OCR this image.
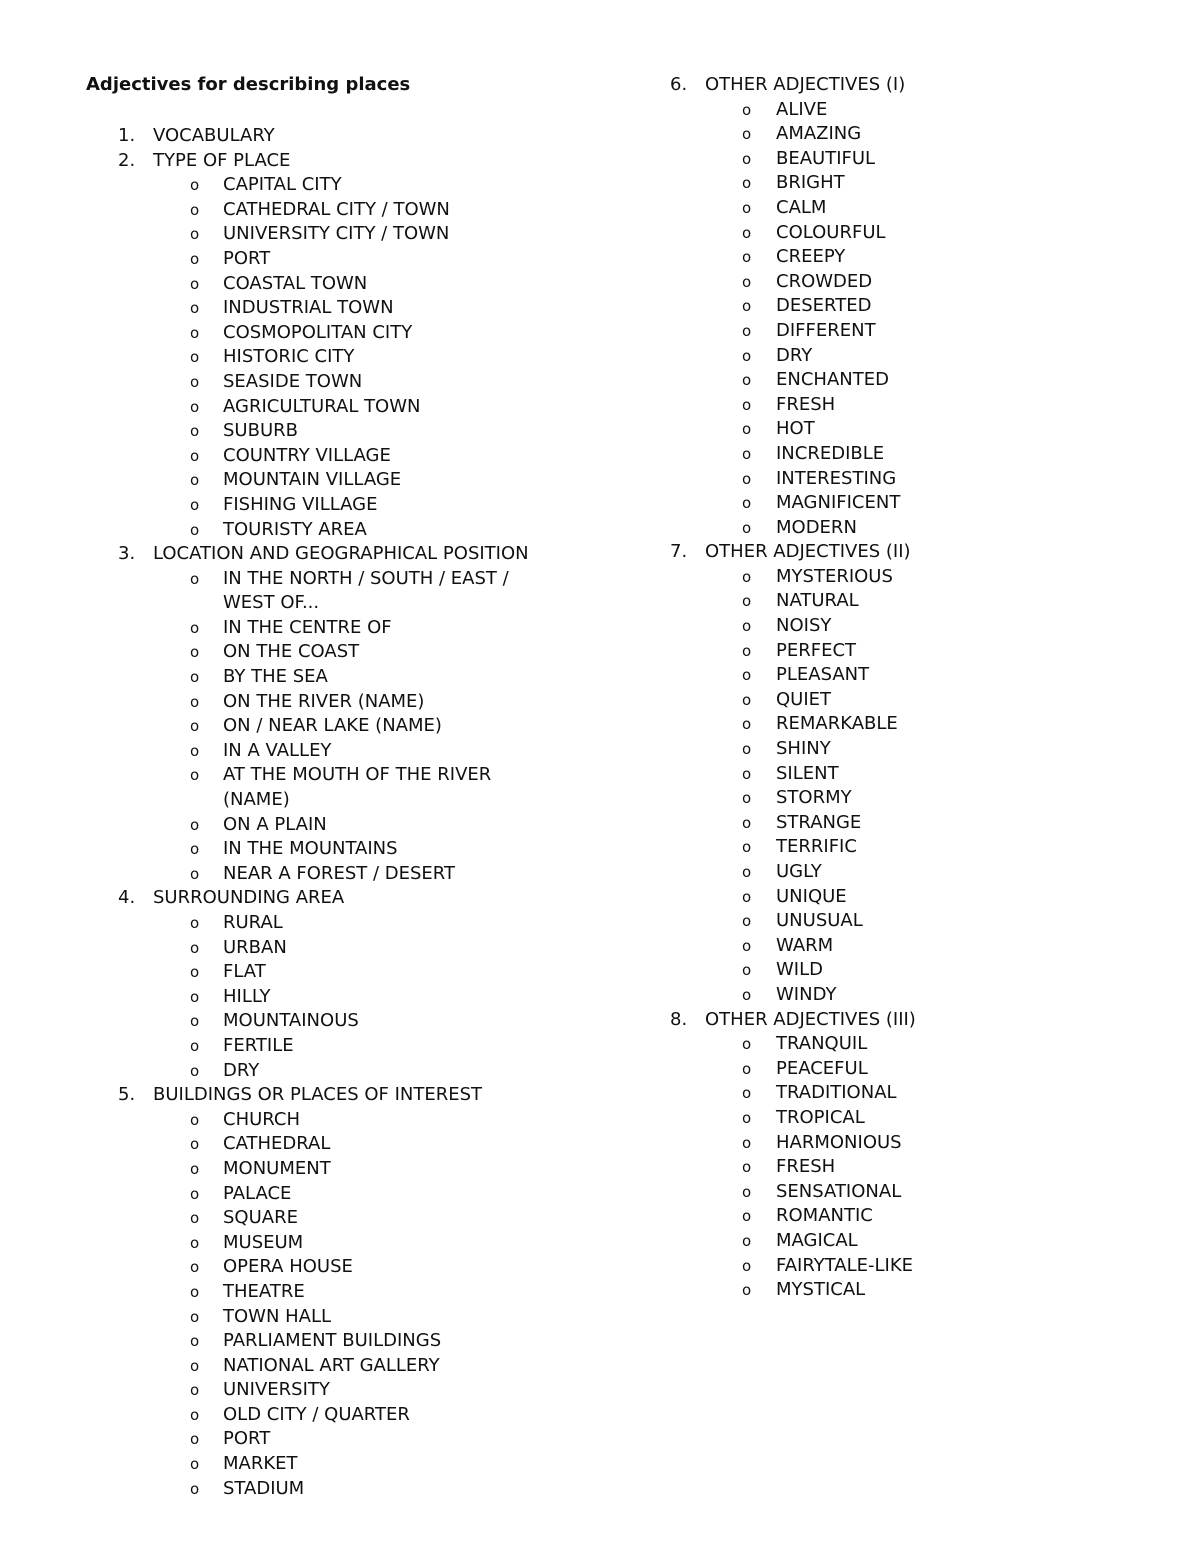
Adjectives for describing places
1. VOCABULARY
2. TYPE OF PLACE
o CAPITAL CITY
o CATHEDRAL CITY / TOWN
o UNIVERSITY CITY / TOWN
o PORT
o COASTAL TOWN
o INDUSTRIAL TOWN
o COSMOPOLITAN CITY
o HISTORIC CITY
o SEASIDE TOWN
o AGRICULTURAL TOWN
o SUBURB
o COUNTRY VILLAGE
o MOUNTAIN VILLAGE
o FISHING VILLAGE
o TOURISTY AREA
3. LOCATION AND GEOGRAPHICAL POSITION
o IN THE NORTH / SOUTH / EAST / WEST OF...
o IN THE CENTRE OF
o ON THE COAST
o BY THE SEA
o ON THE RIVER (NAME)
o ON / NEAR LAKE (NAME)
o IN A VALLEY
o AT THE MOUTH OF THE RIVER (NAME)
o ON A PLAIN
o IN THE MOUNTAINS
o NEAR A FOREST / DESERT
4. SURROUNDING AREA
o RURAL
o URBAN
o FLAT
o HILLY
o MOUNTAINOUS
o FERTILE
o DRY
5. BUILDINGS OR PLACES OF INTEREST
o CHURCH
o CATHEDRAL
o MONUMENT
o PALACE
o SQUARE
o MUSEUM
o OPERA HOUSE
o THEATRE
o TOWN HALL
o PARLIAMENT BUILDINGS
o NATIONAL ART GALLERY
o UNIVERSITY
o OLD CITY / QUARTER
o PORT
o MARKET
o STADIUM
6. OTHER ADJECTIVES (I)
o ALIVE
o AMAZING
o BEAUTIFUL
o BRIGHT
o CALM
o COLOURFUL
o CREEPY
o CROWDED
o DESERTED
o DIFFERENT
o DRY
o ENCHANTED
o FRESH
o HOT
o INCREDIBLE
o INTERESTING
o MAGNIFICENT
o MODERN
7. OTHER ADJECTIVES (II)
o MYSTERIOUS
o NATURAL
o NOISY
o PERFECT
o PLEASANT
o QUIET
o REMARKABLE
o SHINY
o SILENT
o STORMY
o STRANGE
o TERRIFIC
o UGLY
o UNIQUE
o UNUSUAL
o WARM
o WILD
o WINDY
8. OTHER ADJECTIVES (III)
o TRANQUIL
o PEACEFUL
o TRADITIONAL
o TROPICAL
o HARMONIOUS
o FRESH
o SENSATIONAL
o ROMANTIC
o MAGICAL
o FAIRYTALE-LIKE
o MYSTICAL
